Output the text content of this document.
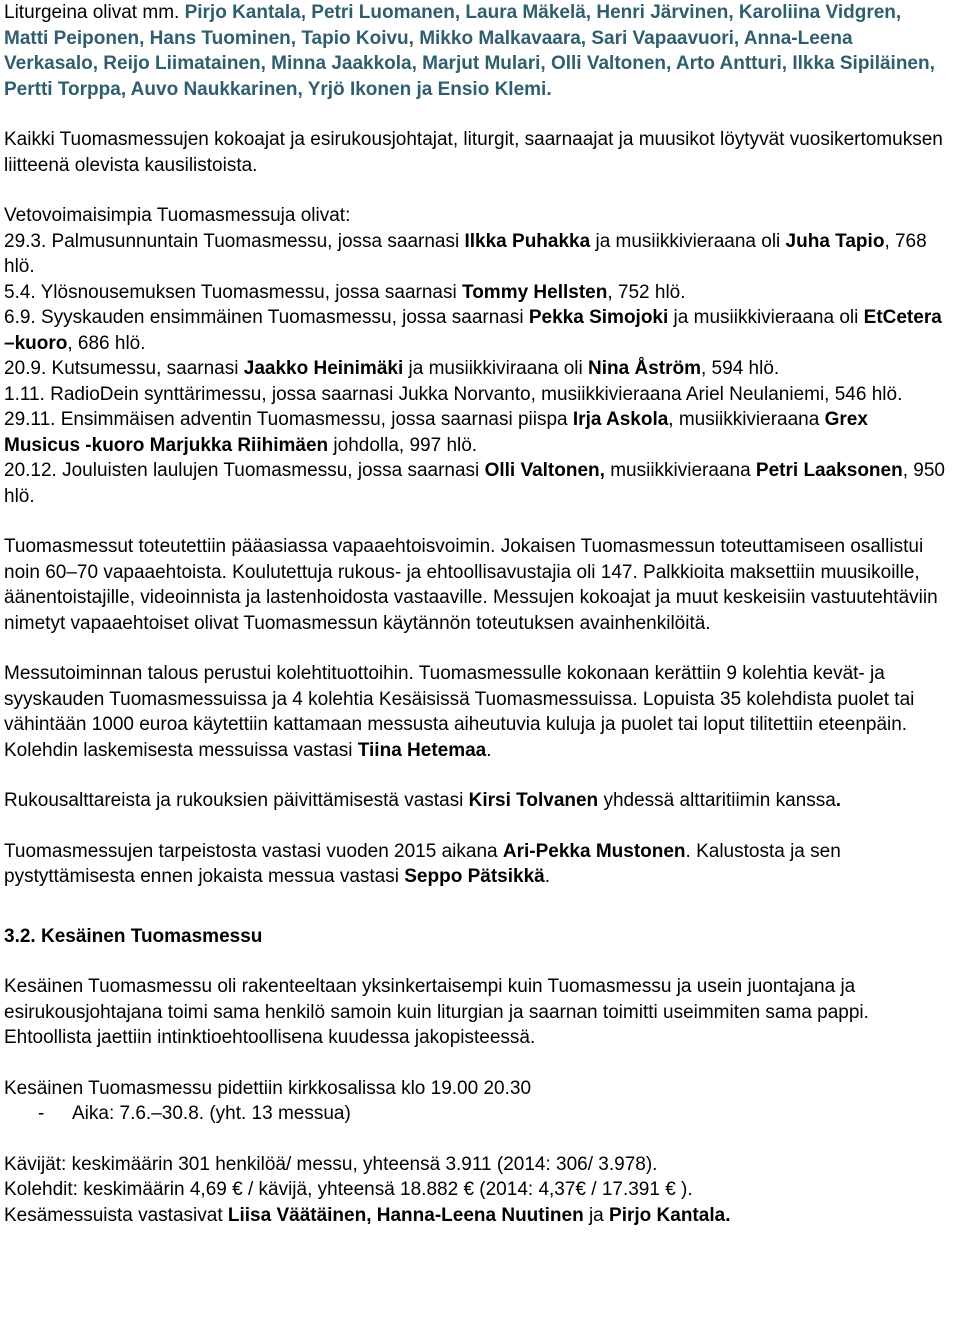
Liturgeina olivat mm. Pirjo Kantala, Petri Luomanen, Laura Mäkelä, Henri Järvinen, Karoliina Vidgren, Matti Peiponen, Hans Tuominen, Tapio Koivu, Mikko Malkavaara, Sari Vapaavuori, Anna-Leena Verkasalo, Reijo Liimatainen, Minna Jaakkola, Marjut Mulari, Olli Valtonen, Arto Antturi, Ilkka Sipiläinen, Pertti Torppa, Auvo Naukkarinen, Yrjö Ikonen ja Ensio Klemi.

Kaikki Tuomasmessujen kokoajat ja esirukousjohtajat, liturgit, saarnaajat ja muusikot löytyvät vuosikertomuksen liitteenä olevista kausilistoista.

Vetovoimaisimpia Tuomasmessuja olivat:

29.3. Palmusunnuntain Tuomasmessu, jossa saarnasi Ilkka Puhakka ja musiikkivieraana oli Juha Tapio, 768 hlö.

5.4. Ylösnousemuksen Tuomasmessu, jossa saarnasi Tommy Hellsten, 752 hlö.

6.9. Syyskauden ensimmäinen Tuomasmessu, jossa saarnasi Pekka Simojoki ja musiikkivieraana oli EtCetera –kuoro, 686 hlö.

20.9. Kutsumessu, saarnasi Jaakko Heinimäki ja musiikkiviraana oli Nina Åström, 594 hlö.

1.11. RadioDein synttärimessu, jossa saarnasi Jukka Norvanto, musiikkivieraana Ariel Neulaniemi, 546 hlö.

29.11. Ensimmäisen adventin Tuomasmessu, jossa saarnasi piispa Irja Askola, musiikkivieraana Grex Musicus -kuoro Marjukka Riihimäen johdolla, 997 hlö.

20.12. Jouluisten laulujen Tuomasmessu, jossa saarnasi Olli Valtonen, musiikkivieraana Petri Laaksonen, 950 hlö.

Tuomasmessut toteutettiin pääasiassa vapaaehtoisvoimin. Jokaisen Tuomasmessun toteuttamiseen osallistui noin 60–70 vapaaehtoista. Koulutettuja rukous- ja ehtoollisavustajia oli 147. Palkkioita maksettiin muusikoille, äänentoistajille, videoinnista ja lastenhoidosta vastaaville. Messujen kokoajat ja muut keskeisiin vastuutehtäviin nimetyt vapaaehtoiset olivat Tuomasmessun käytännön toteutuksen avainhenkilöitä.

Messutoiminnan talous perustui kolehtituottoihin. Tuomasmessulle kokonaan kerättiin 9 kolehtia kevät- ja syyskauden Tuomasmessuissa ja 4 kolehtia Kesäisissä Tuomasmessuissa. Lopuista 35 kolehdista puolet tai vähintään 1000 euroa käytettiin kattamaan messusta aiheutuvia kuluja ja puolet tai loput tilitettiin eteenpäin. Kolehdin laskemisesta messuissa vastasi Tiina Hetemaa.

Rukousalttareista ja rukouksien päivittämisestä vastasi Kirsi Tolvanen yhdessä alttaritiimin kanssa.

Tuomasmessujen tarpeistosta vastasi vuoden 2015 aikana Ari-Pekka Mustonen. Kalustosta ja sen pystyttämisesta ennen jokaista messua vastasi Seppo Pätsikkä.

3.2. Kesäinen Tuomasmessu

Kesäinen Tuomasmessu oli rakenteeltaan yksinkertaisempi kuin Tuomasmessu ja usein juontajana ja esirukousjohtajana toimi sama henkilö samoin kuin liturgian ja saarnan toimitti useimmiten sama pappi. Ehtoollista jaettiin intinktioehtoollisena kuudessa jakopisteessä.

Kesäinen Tuomasmessu pidettiin kirkkosalissa klo 19.00 20.30

-	Aika: 7.6.–30.8. (yht. 13 messua)

Kävijät: keskimäärin 301 henkilöä/ messu, yhteensä 3.911 (2014: 306/ 3.978).

Kolehdit: keskimäärin 4,69 € / kävijä, yhteensä 18.882 € (2014: 4,37€ / 17.391 € ).

Kesämessuista vastasivat Liisa Väätäinen, Hanna-Leena Nuutinen ja Pirjo Kantala.
